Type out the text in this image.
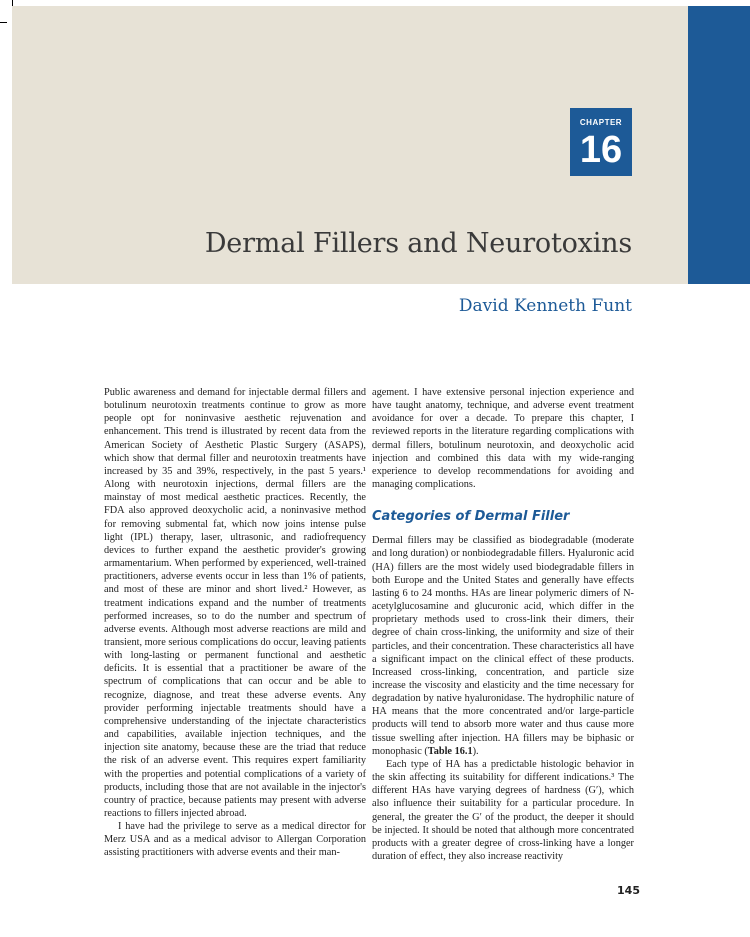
CHAPTER
16
Dermal Fillers and Neurotoxins
David Kenneth Funt

Public awareness and demand for injectable dermal fillers and botulinum neurotoxin treatments continue to grow as more people opt for noninvasive aesthetic rejuvenation and enhancement. This trend is illustrated by recent data from the American Society of Aesthetic Plastic Surgery (ASAPS), which show that dermal filler and neurotoxin treatments have increased by 35 and 39%, respectively, in the past 5 years.¹ Along with neurotoxin injections, dermal fillers are the mainstay of most medical aesthetic practices. Recently, the FDA also approved deoxycholic acid, a noninvasive method for removing submental fat, which now joins intense pulse light (IPL) therapy, laser, ultrasonic, and radiofrequency devices to further expand the aesthetic provider's growing armamentarium. When performed by experienced, well-trained practitioners, adverse events occur in less than 1% of patients, and most of these are minor and short lived.² However, as treatment indications expand and the number of treatments performed increases, so to do the number and spectrum of adverse events. Although most adverse reactions are mild and transient, more serious complications do occur, leaving patients with long-lasting or permanent functional and aesthetic deficits. It is essential that a practitioner be aware of the spectrum of complications that can occur and be able to recognize, diagnose, and treat these adverse events. Any provider performing injectable treatments should have a comprehensive understanding of the injectate characteristics and capabilities, available injection techniques, and the injection site anatomy, because these are the triad that reduce the risk of an adverse event. This requires expert familiarity with the properties and potential complications of a variety of products, including those that are not available in the injector's country of practice, because patients may present with adverse reactions to fillers injected abroad.

I have had the privilege to serve as a medical director for Merz USA and as a medical advisor to Allergan Corporation assisting practitioners with adverse events and their man-

agement. I have extensive personal injection experience and have taught anatomy, technique, and adverse event treatment avoidance for over a decade. To prepare this chapter, I reviewed reports in the literature regarding complications with dermal fillers, botulinum neurotoxin, and deoxycholic acid injection and combined this data with my wide-ranging experience to develop recommendations for avoiding and managing complications.

Categories of Dermal Filler

Dermal fillers may be classified as biodegradable (moderate and long duration) or nonbiodegradable fillers. Hyaluronic acid (HA) fillers are the most widely used biodegradable fillers in both Europe and the United States and generally have effects lasting 6 to 24 months. HAs are linear polymeric dimers of N-acetylglucosamine and glucuronic acid, which differ in the proprietary methods used to cross-link their dimers, their degree of chain cross-linking, the uniformity and size of their particles, and their concentration. These characteristics all have a significant impact on the clinical effect of these products. Increased cross-linking, concentration, and particle size increase the viscosity and elasticity and the time necessary for degradation by native hyaluronidase. The hydrophilic nature of HA means that the more concentrated and/or large-particle products will tend to absorb more water and thus cause more tissue swelling after injection. HA fillers may be biphasic or monophasic (Table 16.1).

Each type of HA has a predictable histologic behavior in the skin affecting its suitability for different indications.³ The different HAs have varying degrees of hardness (G′), which also influence their suitability for a particular procedure. In general, the greater the G′ of the product, the deeper it should be injected. It should be noted that although more concentrated products with a greater degree of cross-linking have a longer duration of effect, they also increase reactivity

145
